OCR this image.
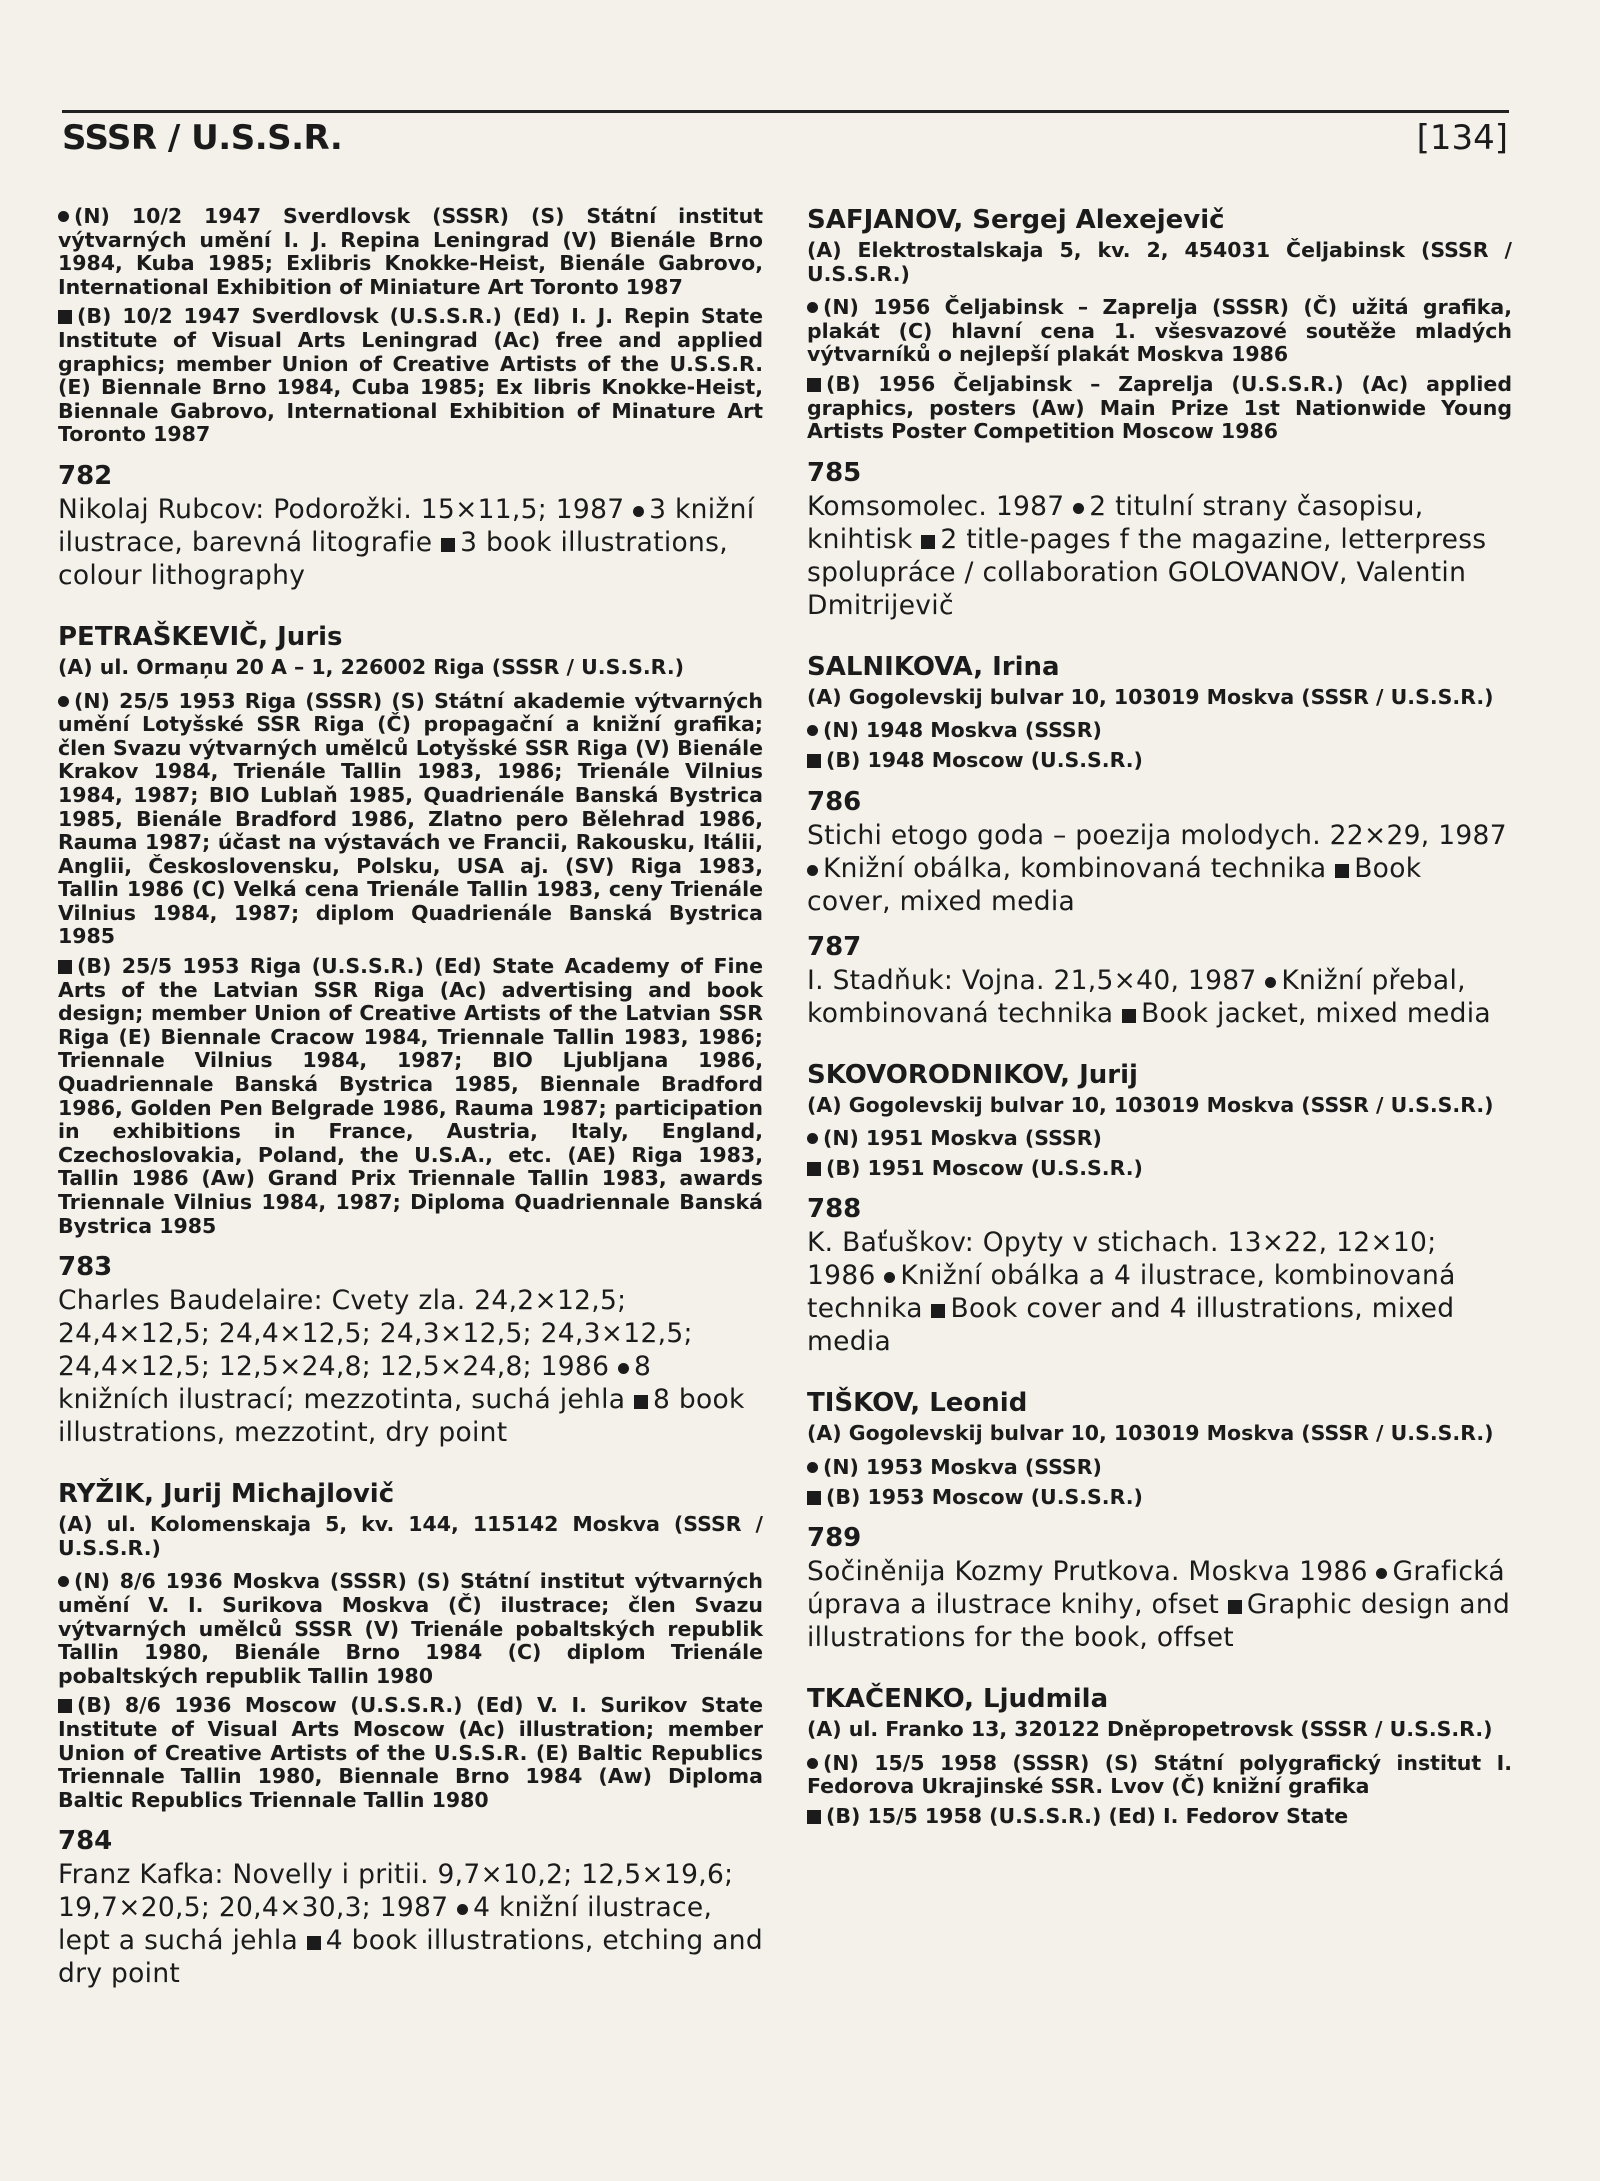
SSSR / U.S.S.R.	[134]

(N) 10/2 1947 Sverdlovsk (SSSR) (S) Státní institut výtvarných umění I. J. Repina Leningrad (V) Bienále Brno 1984, Kuba 1985; Exlibris Knokke-Heist, Bienále Gabrovo, International Exhibition of Miniature Art Toronto 1987

(B) 10/2 1947 Sverdlovsk (U.S.S.R.) (Ed) I. J. Repin State Institute of Visual Arts Leningrad (Ac) free and applied graphics; member Union of Creative Artists of the U.S.S.R. (E) Biennale Brno 1984, Cuba 1985; Ex libris Knokke-Heist, Biennale Gabrovo, International Exhibition of Minature Art Toronto 1987

782
Nikolaj Rubcov: Podorožki. 15×11,5; 1987 3 knižní ilustrace, barevná litografie 3 book illustrations, colour lithography
PETRAŠKEVIČ, Juris
(A) ul. Ormaņu 20 A – 1, 226002 Riga (SSSR / U.S.S.R.)

(N) 25/5 1953 Riga (SSSR) (S) Státní akademie výtvarných umění Lotyšské SSR Riga (Č) propagační a knižní grafika; člen Svazu výtvarných umělců Lotyšské SSR Riga (V) Bienále Krakov 1984, Trienále Tallin 1983, 1986; Trienále Vilnius 1984, 1987; BIO Lublaň 1985, Quadrienále Banská Bystrica 1985, Bienále Bradford 1986, Zlatno pero Bělehrad 1986, Rauma 1987; účast na výstavách ve Francii, Rakousku, Itálii, Anglii, Československu, Polsku, USA aj. (SV) Riga 1983, Tallin 1986 (C) Velká cena Trienále Tallin 1983, ceny Trienále Vilnius 1984, 1987; diplom Quadrienále Banská Bystrica 1985

(B) 25/5 1953 Riga (U.S.S.R.) (Ed) State Academy of Fine Arts of the Latvian SSR Riga (Ac) advertising and book design; member Union of Creative Artists of the Latvian SSR Riga (E) Biennale Cracow 1984, Triennale Tallin 1983, 1986; Triennale Vilnius 1984, 1987; BIO Ljubljana 1986, Quadriennale Banská Bystrica 1985, Biennale Bradford 1986, Golden Pen Belgrade 1986, Rauma 1987; participation in exhibitions in France, Austria, Italy, England, Czechoslovakia, Poland, the U.S.A., etc. (AE) Riga 1983, Tallin 1986 (Aw) Grand Prix Triennale Tallin 1983, awards Triennale Vilnius 1984, 1987; Diploma Quadriennale Banská Bystrica 1985

783
Charles Baudelaire: Cvety zla. 24,2×12,5; 24,4×12,5; 24,4×12,5; 24,3×12,5; 24,3×12,5; 24,4×12,5; 12,5×24,8; 12,5×24,8; 1986 8 knižních ilustrací; mezzotinta, suchá jehla 8 book illustrations, mezzotint, dry point
RYŽIK, Jurij Michajlovič
(A) ul. Kolomenskaja 5, kv. 144, 115142 Moskva (SSSR / U.S.S.R.)

(N) 8/6 1936 Moskva (SSSR) (S) Státní institut výtvarných umění V. I. Surikova Moskva (Č) ilustrace; člen Svazu výtvarných umělců SSSR (V) Trienále pobaltských republik Tallin 1980, Bienále Brno 1984 (C) diplom Trienále pobaltských republik Tallin 1980

(B) 8/6 1936 Moscow (U.S.S.R.) (Ed) V. I. Surikov State Institute of Visual Arts Moscow (Ac) illustration; member Union of Creative Artists of the U.S.S.R. (E) Baltic Republics Triennale Tallin 1980, Biennale Brno 1984 (Aw) Diploma Baltic Republics Triennale Tallin 1980

784
Franz Kafka: Novelly i pritii. 9,7×10,2; 12,5×19,6; 19,7×20,5; 20,4×30,3; 1987 4 knižní ilustrace, lept a suchá jehla 4 book illustrations, etching and dry point
SAFJANOV, Sergej Alexejevič
(A) Elektrostalskaja 5, kv. 2, 454031 Čeljabinsk (SSSR / U.S.S.R.)

(N) 1956 Čeljabinsk – Zaprelja (SSSR) (Č) užitá grafika, plakát (C) hlavní cena 1. všesvazové soutěže mladých výtvarníků o nejlepší plakát Moskva 1986

(B) 1956 Čeljabinsk – Zaprelja (U.S.S.R.) (Ac) applied graphics, posters (Aw) Main Prize 1st Nationwide Young Artists Poster Competition Moscow 1986

785
Komsomolec. 1987 2 titulní strany časopisu, knihtisk 2 title-pages f the magazine, letterpress
spolupráce / collaboration GOLOVANOV, Valentin Dmitrijevič
SALNIKOVA, Irina
(A) Gogolevskij bulvar 10, 103019 Moskva (SSSR / U.S.S.R.)

(N) 1948 Moskva (SSSR)

(B) 1948 Moscow (U.S.S.R.)

786
Stichi etogo goda – poezija molodych. 22×29, 1987 Knižní obálka, kombinovaná technika Book cover, mixed media
787
I. Stadňuk: Vojna. 21,5×40, 1987 Knižní přebal, kombinovaná technika Book jacket, mixed media
SKOVORODNIKOV, Jurij
(A) Gogolevskij bulvar 10, 103019 Moskva (SSSR / U.S.S.R.)

(N) 1951 Moskva (SSSR)

(B) 1951 Moscow (U.S.S.R.)

788
K. Baťuškov: Opyty v stichach. 13×22, 12×10; 1986 Knižní obálka a 4 ilustrace, kombinovaná technika Book cover and 4 illustrations, mixed media
TIŠKOV, Leonid
(A) Gogolevskij bulvar 10, 103019 Moskva (SSSR / U.S.S.R.)

(N) 1953 Moskva (SSSR)

(B) 1953 Moscow (U.S.S.R.)

789
Sočiněnija Kozmy Prutkova. Moskva 1986 Grafická úprava a ilustrace knihy, ofset Graphic design and illustrations for the book, offset
TKAČENKO, Ljudmila
(A) ul. Franko 13, 320122 Dněpropetrovsk (SSSR / U.S.S.R.)

(N) 15/5 1958 (SSSR) (S) Státní polygrafický institut I. Fedorova Ukrajinské SSR. Lvov (Č) knižní grafika

(B) 15/5 1958 (U.S.S.R.) (Ed) I. Fedorov State
